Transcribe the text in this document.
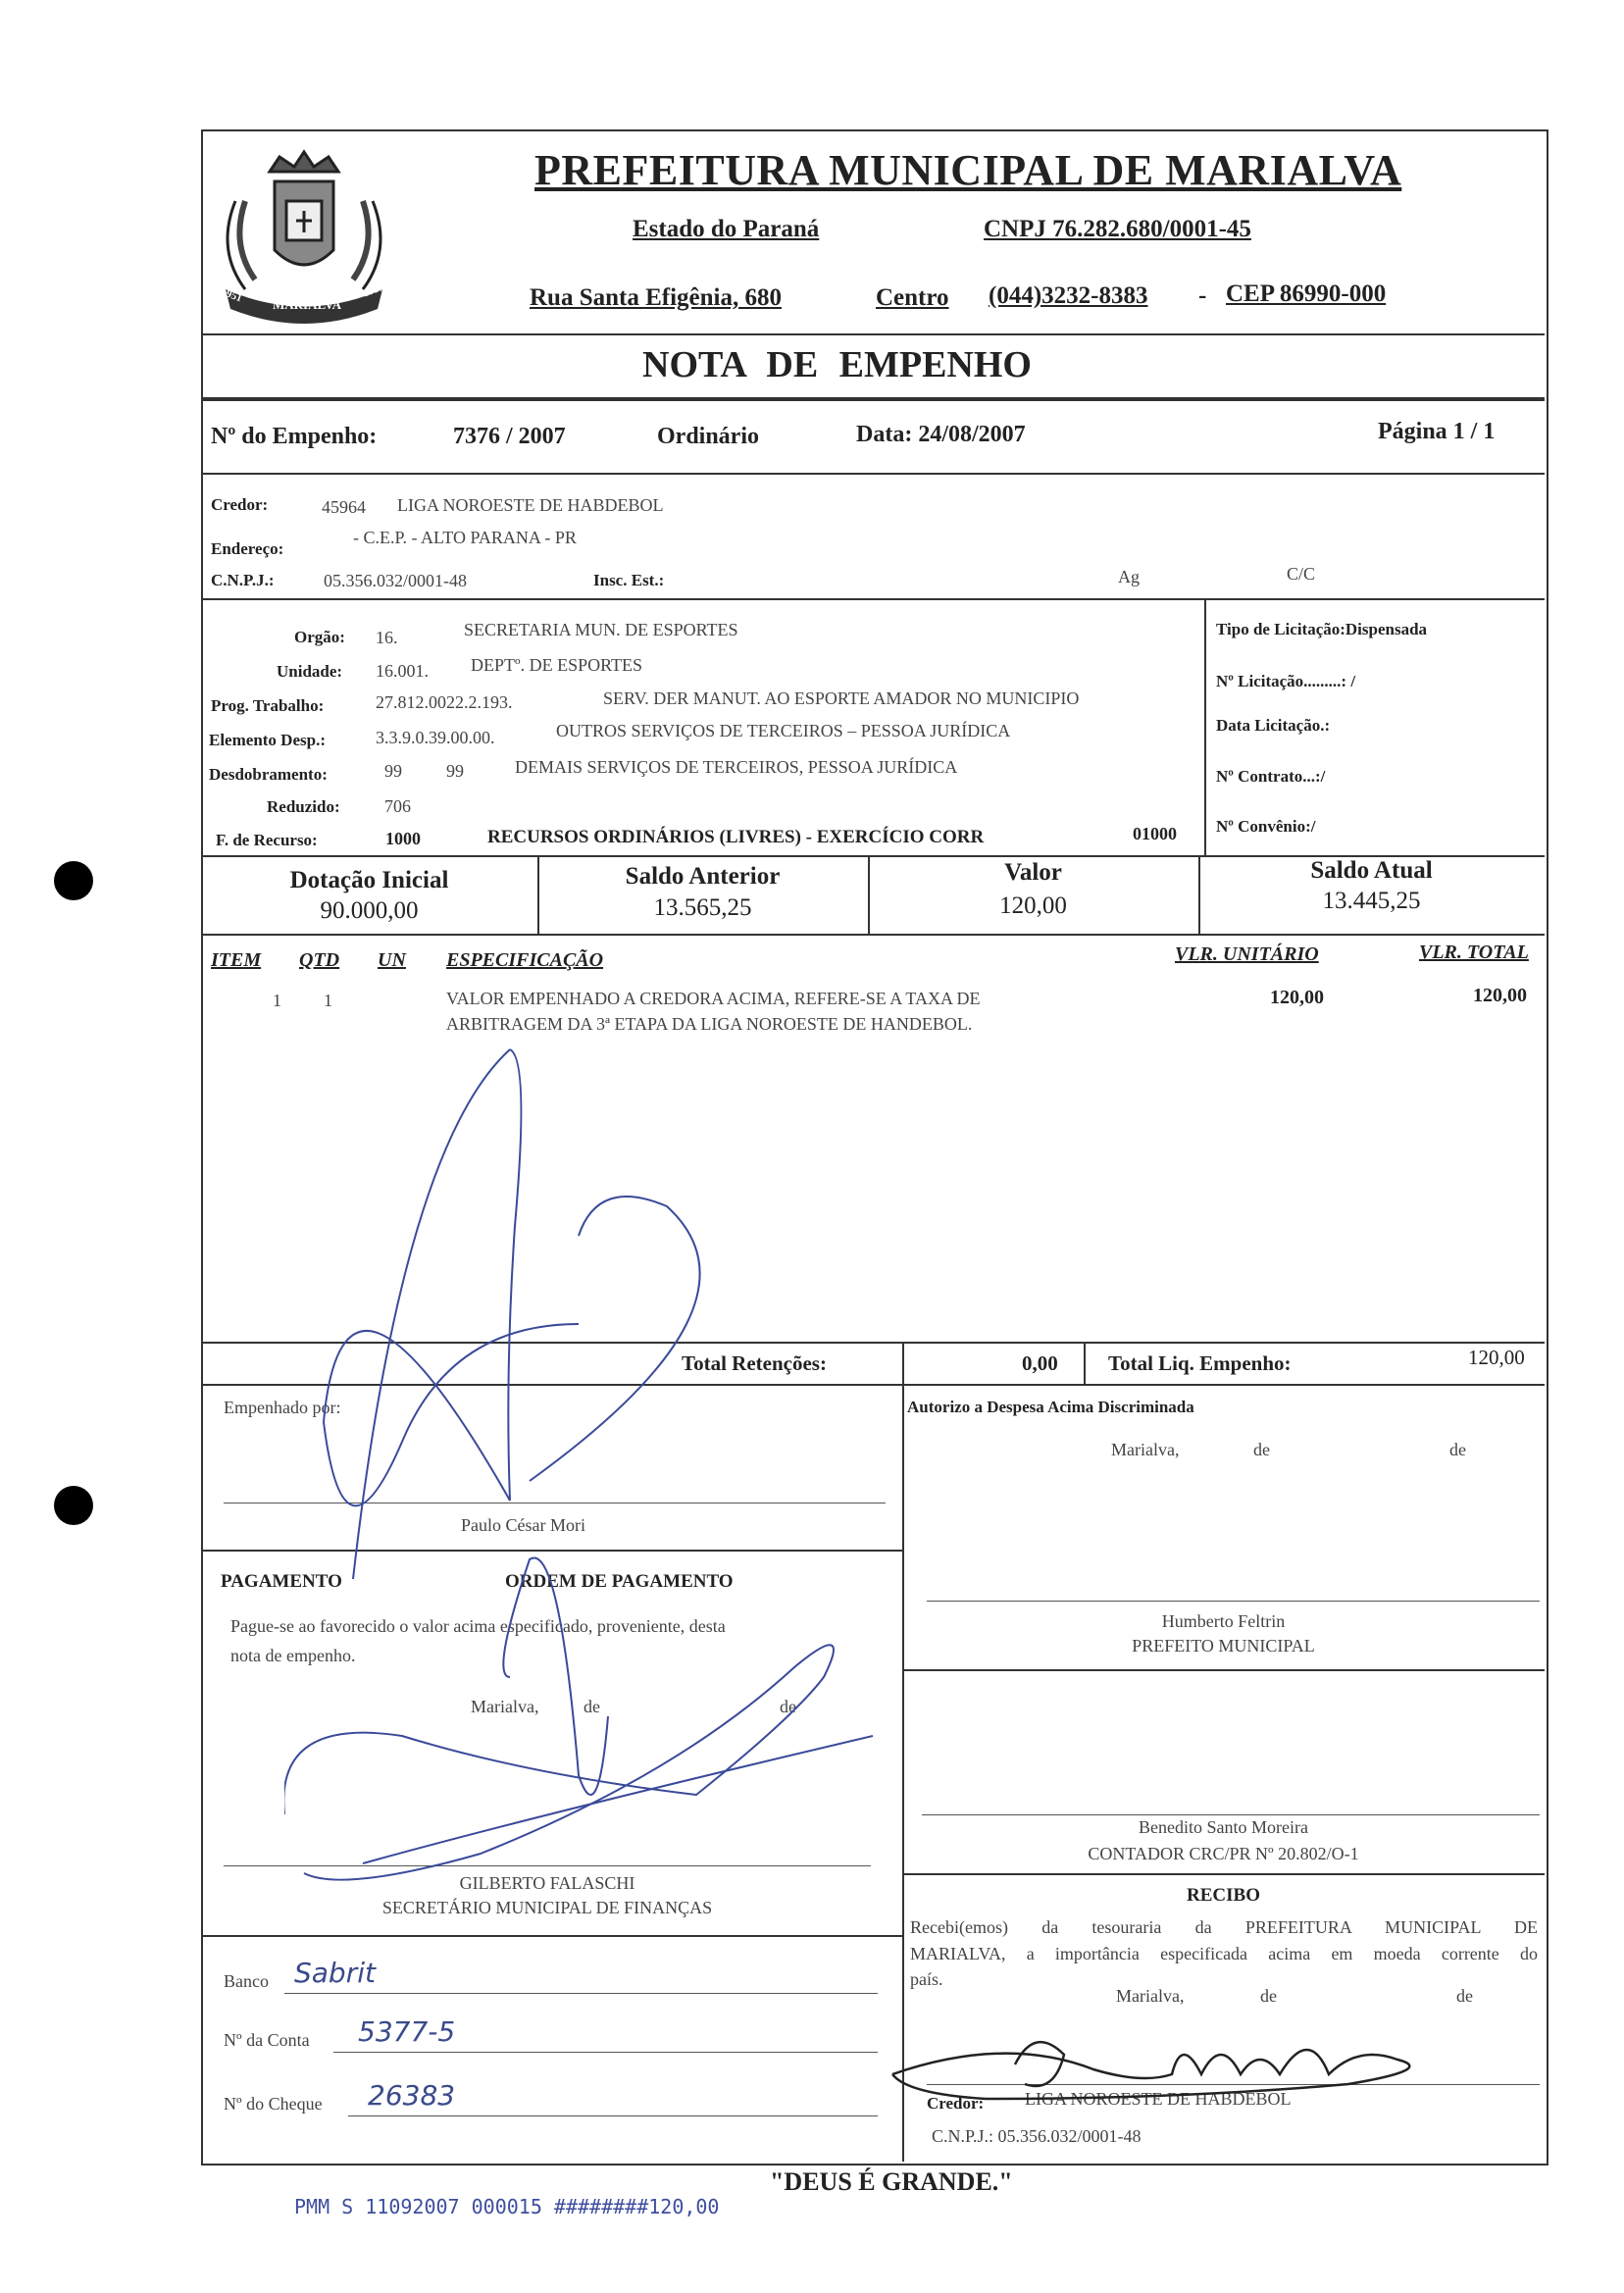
MARIALVA
1951	1953
PREFEITURA MUNICIPAL DE MARIALVA
Estado do Paraná	CNPJ 76.282.680/0001-45
Rua Santa Efigênia, 680	Centro (044)3232-8383 - CEP 86990-000
NOTA DE EMPENHO
Nº do Empenho:	7376 / 2007	Ordinário	Data: 24/08/2007	Página 1 / 1
Credor:	45964 LIGA NOROESTE DE HABDEBOL
Endereço:
- C.E.P. - ALTO PARANA - PR
C.N.P.J.:	05.356.032/0001-48	Insc. Est.:	Ag	C/C
Orgão: 16.	SECRETARIA MUN. DE ESPORTES
Unidade: 16.001. DEPTº. DE ESPORTES
Prog. Trabalho:	27.812.0022.2.193.	SERV. DER MANUT. AO ESPORTE AMADOR NO MUNICIPIO
Elemento Desp.:	3.3.9.0.39.00.00.	OUTROS SERVIÇOS DE TERCEIROS – PESSOA JURÍDICA
Desdobramento:	99	99	DEMAIS SERVIÇOS DE TERCEIROS, PESSOA JURÍDICA
Reduzido:	706
F. de Recurso:	1000	RECURSOS ORDINÁRIOS (LIVRES) - EXERCÍCIO CORR	01000
Tipo de Licitação:Dispensada
Nº Licitação.........: /
Data Licitação.:
Nº Contrato...:/
Nº Convênio:/
Dotação Inicial
90.000,00
Saldo Anterior
13.565,25
Valor
120,00
Saldo Atual
13.445,25
ITEM QTD UN ESPECIFICAÇÃO	VLR. UNITÁRIO	VLR. TOTAL
1 1	VALOR EMPENHADO A CREDORA ACIMA, REFERE-SE A TAXA DE
ARBITRAGEM DA 3ª ETAPA DA LIGA NOROESTE DE HANDEBOL.
120,00	120,00
Total Retenções:	0,00 Total Liq. Empenho:	120,00
Empenhado por:
Paulo César Mori
PAGAMENTO	ORDEM DE PAGAMENTO
Pague-se ao favorecido o valor acima especificado, proveniente, desta
nota de empenho.
Marialva,	de	de
GILBERTO FALASCHI
SECRETÁRIO MUNICIPAL DE FINANÇAS
Banco Sabrit
Nº da Conta 5377-5
Nº do Cheque 26383
Autorizo a Despesa Acima Discriminada
Marialva,	de	de
Humberto Feltrin
PREFEITO MUNICIPAL
Benedito Santo Moreira
CONTADOR CRC/PR Nº 20.802/O-1
RECIBO
Recebi(emos) da tesouraria da PREFEITURA MUNICIPAL DE
MARIALVA, a importância especificada acima em moeda corrente do
país.
Marialva,	de	de
Credor: LIGA NOROESTE DE HABDEBOL
C.N.P.J.: 05.356.032/0001-48
"DEUS É GRANDE."
PMM S 11092007 000015 ########120,00
